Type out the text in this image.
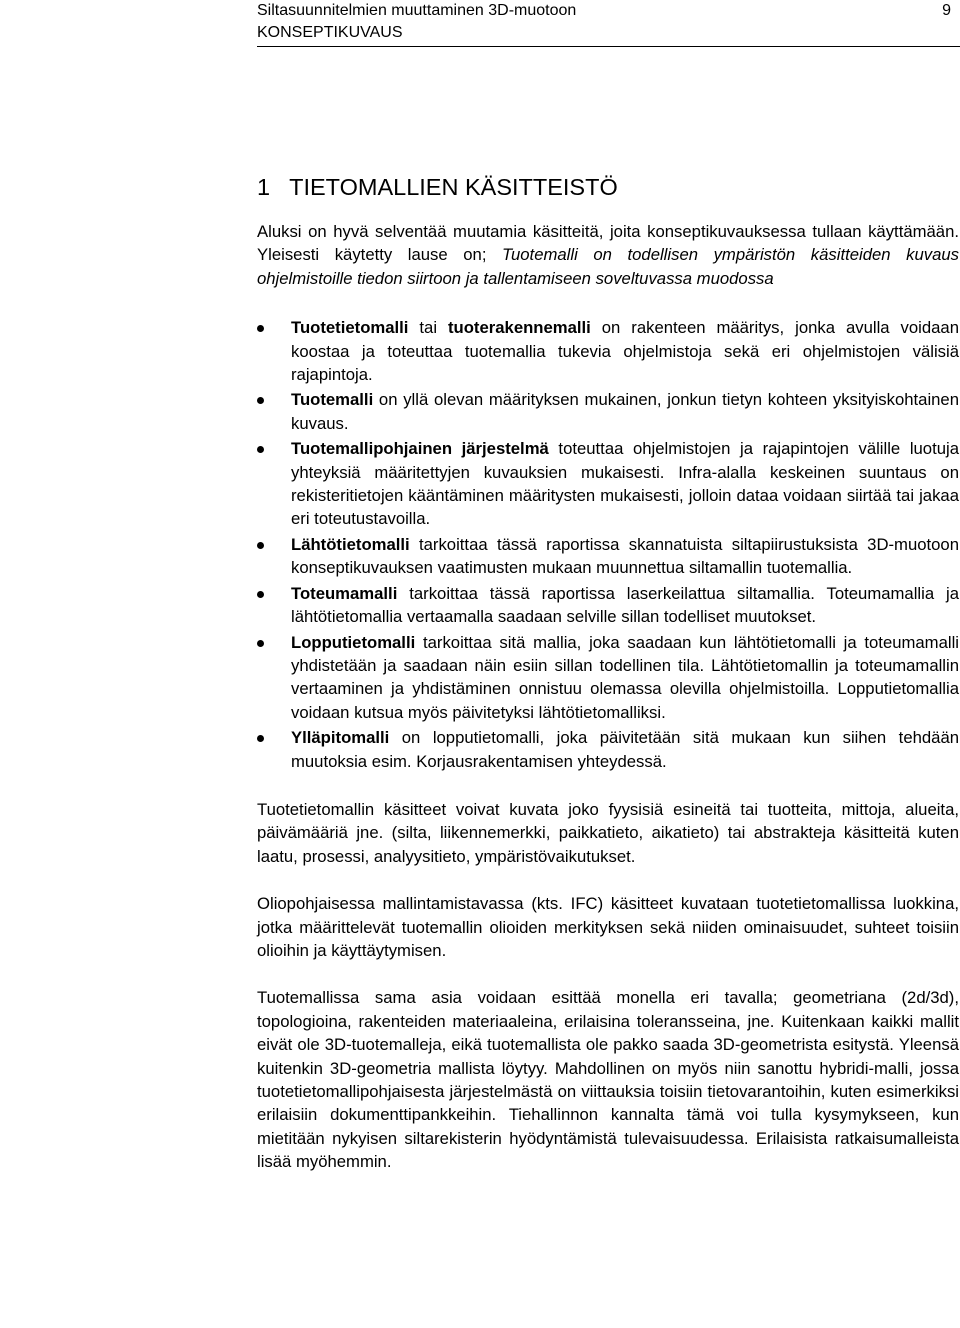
Siltasuunnitelmien muuttaminen 3D-muotoon	9
KONSEPTIKUVAUS
1 TIETOMALLIEN KÄSITTEISTÖ

Aluksi on hyvä selventää muutamia käsitteitä, joita konseptikuvauksessa tullaan käyttämään. Yleisesti käytetty lause on; Tuotemalli on todellisen ympäristön käsitteiden kuvaus ohjelmistoille tiedon siirtoon ja tallentamiseen soveltuvassa muodossa

Tuotetietomalli tai tuoterakennemalli on rakenteen määritys, jonka avulla voidaan koostaa ja toteuttaa tuotemallia tukevia ohjelmistoja sekä eri ohjelmistojen välisiä rajapintoja.
Tuotemalli on yllä olevan määrityksen mukainen, jonkun tietyn kohteen yksityiskohtainen kuvaus.
Tuotemallipohjainen järjestelmä toteuttaa ohjelmistojen ja rajapintojen välille luotuja yhteyksiä määritettyjen kuvauksien mukaisesti. Infra-alalla keskeinen suuntaus on rekisteritietojen kääntäminen määritysten mukaisesti, jolloin dataa voidaan siirtää tai jakaa eri toteutustavoilla.
Lähtötietomalli tarkoittaa tässä raportissa skannatuista siltapiirustuksista 3D-muotoon konseptikuvauksen vaatimusten mukaan muunnettua siltamallin tuotemallia.
Toteumamalli tarkoittaa tässä raportissa laserkeilattua siltamallia. Toteumamallia ja lähtötietomallia vertaamalla saadaan selville sillan todelliset muutokset.
Lopputietomalli tarkoittaa sitä mallia, joka saadaan kun lähtötietomalli ja toteumamalli yhdistetään ja saadaan näin esiin sillan todellinen tila. Lähtötietomallin ja toteumamallin vertaaminen ja yhdistäminen onnistuu olemassa olevilla ohjelmistoilla. Lopputietomallia voidaan kutsua myös päivitetyksi lähtötietomalliksi.
Ylläpitomalli on lopputietomalli, joka päivitetään sitä mukaan kun siihen tehdään muutoksia esim. Korjausrakentamisen yhteydessä.

Tuotetietomallin käsitteet voivat kuvata joko fyysisiä esineitä tai tuotteita, mittoja, alueita, päivämääriä jne. (silta, liikennemerkki, paikkatieto, aikatieto) tai abstrakteja käsitteitä kuten laatu, prosessi, analyysitieto, ympäristövaikutukset.

Oliopohjaisessa mallintamistavassa (kts. IFC) käsitteet kuvataan tuotetietomallissa luokkina, jotka määrittelevät tuotemallin olioiden merkityksen sekä niiden ominaisuudet, suhteet toisiin olioihin ja käyttäytymisen.

Tuotemallissa sama asia voidaan esittää monella eri tavalla; geometriana (2d/3d), topologioina, rakenteiden materiaaleina, erilaisina toleransseina, jne. Kuitenkaan kaikki mallit eivät ole 3D-tuotemalleja, eikä tuotemallista ole pakko saada 3D-geometrista esitystä. Yleensä kuitenkin 3D-geometria mallista löytyy. Mahdollinen on myös niin sanottu hybridi-malli, jossa tuotetietomallipohjaisesta järjestelmästä on viittauksia toisiin tietovarantoihin, kuten esimerkiksi erilaisiin dokumenttipankkeihin. Tiehallinnon kannalta tämä voi tulla kysymykseen, kun mietitään nykyisen siltarekisterin hyödyntämistä tulevaisuudessa. Erilaisista ratkaisumalleista lisää myöhemmin.
